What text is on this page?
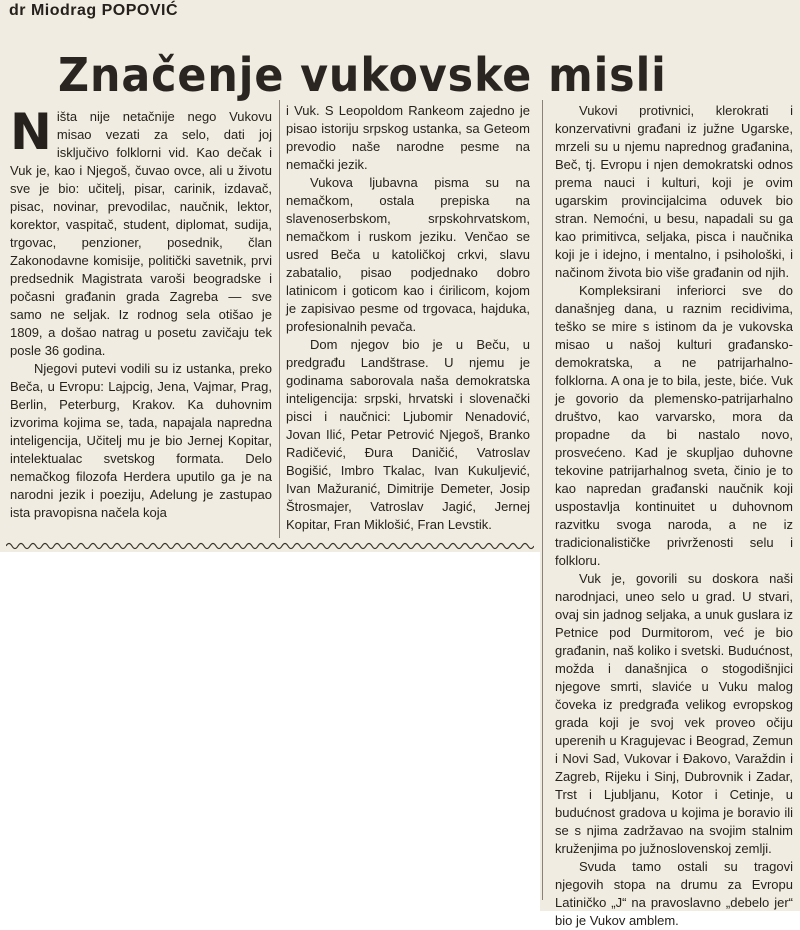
dr Miodrag POPOVIĆ
Značenje vukovske misli

Ništa nije netačnije nego Vukovu misao vezati za selo, dati joj isključivo folklorni vid. Kao dečak i Vuk je, kao i Njegoš, čuvao ovce, ali u životu sve je bio: učitelj, pisar, carinik, izdavač, pisac, novinar, prevodilac, naučnik, lektor, korektor, vaspitač, student, diplomat, sudija, trgovac, penzioner, posednik, član Zakonodavne komisije, politički savetnik, prvi predsednik Magistrata varoši beogradske i počasni građanin grada Zagreba — sve samo ne seljak. Iz rodnog sela otišao je 1809, a došao natrag u posetu zavičaju tek posle 36 godina.

Njegovi putevi vodili su iz ustanka, preko Beča, u Evropu: Lajpcig, Jena, Vajmar, Prag, Berlin, Peterburg, Krakov. Ka duhovnim izvorima kojima se, tada, napajala napredna inteligencija, Učitelj mu je bio Jernej Kopitar, intelektualac svetskog formata. Delo nemačkog filozofa Herdera uputilo ga je na narodni jezik i poeziju, Adelung je zastupao ista pravopisna načela koja

i Vuk. S Leopoldom Rankeom zajedno je pisao istoriju srpskog ustanka, sa Geteom prevodio naše narodne pesme na nemački jezik.

Vukova ljubavna pisma su na nemačkom, ostala prepiska na slavenoserbskom, srpskohrvatskom, nemačkom i ruskom jeziku. Venčao se usred Beča u katoličkoj crkvi, slavu zabatalio, pisao podjednako dobro latinicom i goticom kao i ćirilicom, kojom je zapisivao pesme od trgovaca, hajduka, profesionalnih pevača.

Dom njegov bio je u Beču, u predgrađu Landštrase. U njemu je godinama saborovala naša demokratska inteligencija: srpski, hrvatski i slovenački pisci i naučnici: Ljubomir Nenadović, Jovan Ilić, Petar Petrović Njegoš, Branko Radičević, Đura Daničić, Vatroslav Bogišić, Imbro Tkalac, Ivan Kukuljević, Ivan Mažuranić, Dimitrije Demeter, Josip Štrosmajer, Vatroslav Jagić, Jernej Kopitar, Fran Miklošić, Fran Levstik.

Vukovi protivnici, klerokrati i konzervativni građani iz južne Ugarske, mrzeli su u njemu naprednog građanina, Beč, tj. Evropu i njen demokratski odnos prema nauci i kulturi, koji je ovim ugarskim provincijalcima oduvek bio stran. Nemoćni, u besu, napadali su ga kao primitivca, seljaka, pisca i naučnika koji je i idejno, i mentalno, i psihološki, i načinom života bio više građanin od njih.

Kompleksirani inferiorci sve do današnjeg dana, u raznim recidivima, teško se mire s istinom da je vukovska misao u našoj kulturi građansko-demokratska, a ne patrijarhalno-folklorna. A ona je to bila, jeste, biće. Vuk je govorio da plemensko-patrijarhalno društvo, kao varvarsko, mora da propadne da bi nastalo novo, prosvećeno. Kad je skupljao duhovne tekovine patrijarhalnog sveta, činio je to kao napredan građanski naučnik koji uspostavlja kontinuitet u duhovnom razvitku svoga naroda, a ne iz tradicionalističke privrženosti selu i folkloru.

Vuk je, govorili su doskora naši narodnjaci, uneo selo u grad. U stvari, ovaj sin jadnog seljaka, a unuk guslara iz Petnice pod Durmitorom, već je bio građanin, naš koliko i svetski. Budućnost, možda i današnjica o stogodišnjici njegove smrti, slaviće u Vuku malog čoveka iz predgrađa velikog evropskog grada koji je svoj vek proveo očiju uperenih u Kragujevac i Beograd, Zemun i Novi Sad, Vukovar i Đakovo, Varaždin i Zagreb, Rijeku i Sinj, Dubrovnik i Zadar, Trst i Ljubljanu, Kotor i Cetinje, u budućnost gradova u kojima je boravio ili se s njima zadržavao na svojim stalnim kruženjima po južnoslovenskoj zemlji.

Svuda tamo ostali su tragovi njegovih stopa na drumu za Evropu Latiničko „J“ na pravoslavno „debelo jer“ bio je Vukov amblem.
